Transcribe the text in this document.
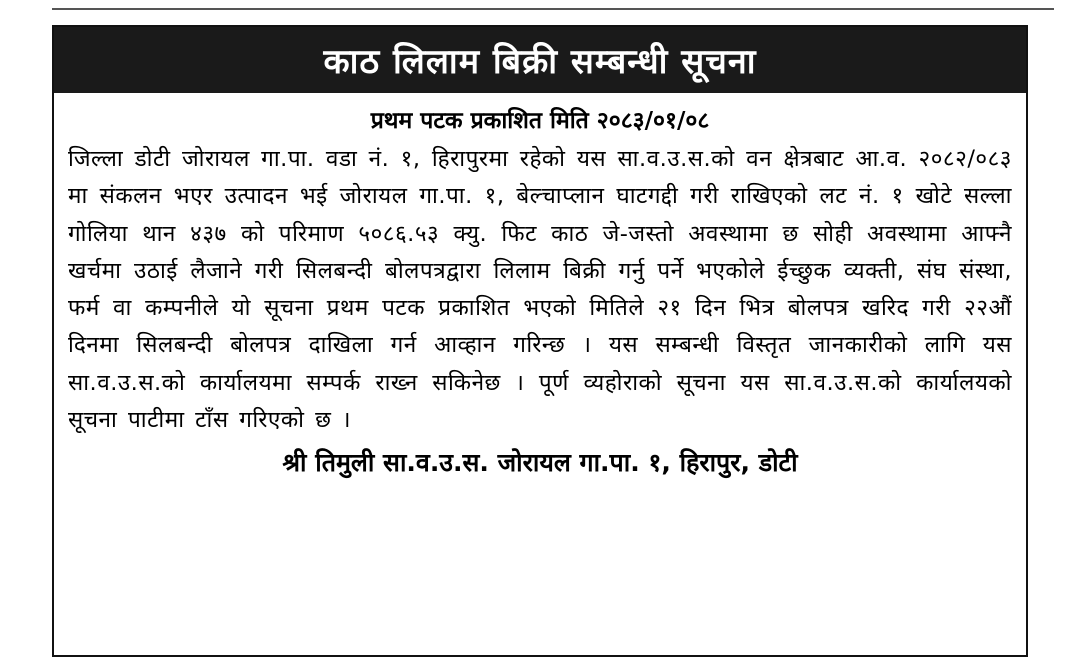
काठ लिलाम बिक्री सम्बन्धी सूचना
प्रथम पटक प्रकाशित मिति २०८३/०१/०८
जिल्ला डोटी जोरायल गा.पा. वडा नं. १, हिरापुरमा रहेको यस सा.व.उ.स.को वन क्षेत्रबाट आ.व. २०८२/०८३ मा संकलन भएर उत्पादन भई जोरायल गा.पा. १, बेल्चाप्लान घाटगद्दी गरी राखिएको लट नं. १ खोटे सल्ला गोलिया थान ४३७ को परिमाण ५०८६.५३ क्यु. फिट काठ जे-जस्तो अवस्थामा छ सोही अवस्थामा आफ्नै खर्चमा उठाई लैजाने गरी सिलबन्दी बोलपत्रद्वारा लिलाम बिक्री गर्नु पर्ने भएकोले ईच्छुक व्यक्ती, संघ संस्था, फर्म वा कम्पनीले यो सूचना प्रथम पटक प्रकाशित भएको मितिले २१ दिन भित्र बोलपत्र खरिद गरी २२औं दिनमा सिलबन्दी बोलपत्र दाखिला गर्न आव्हान गरिन्छ । यस सम्बन्धी विस्तृत जानकारीको लागि यस सा.व.उ.स.को कार्यालयमा सम्पर्क राख्न सकिनेछ । पूर्ण व्यहोराको सूचना यस सा.व.उ.स.को कार्यालयको सूचना पाटीमा टाँस गरिएको छ ।
श्री तिमुली सा.व.उ.स. जोरायल गा.पा. १, हिरापुर, डोटी
